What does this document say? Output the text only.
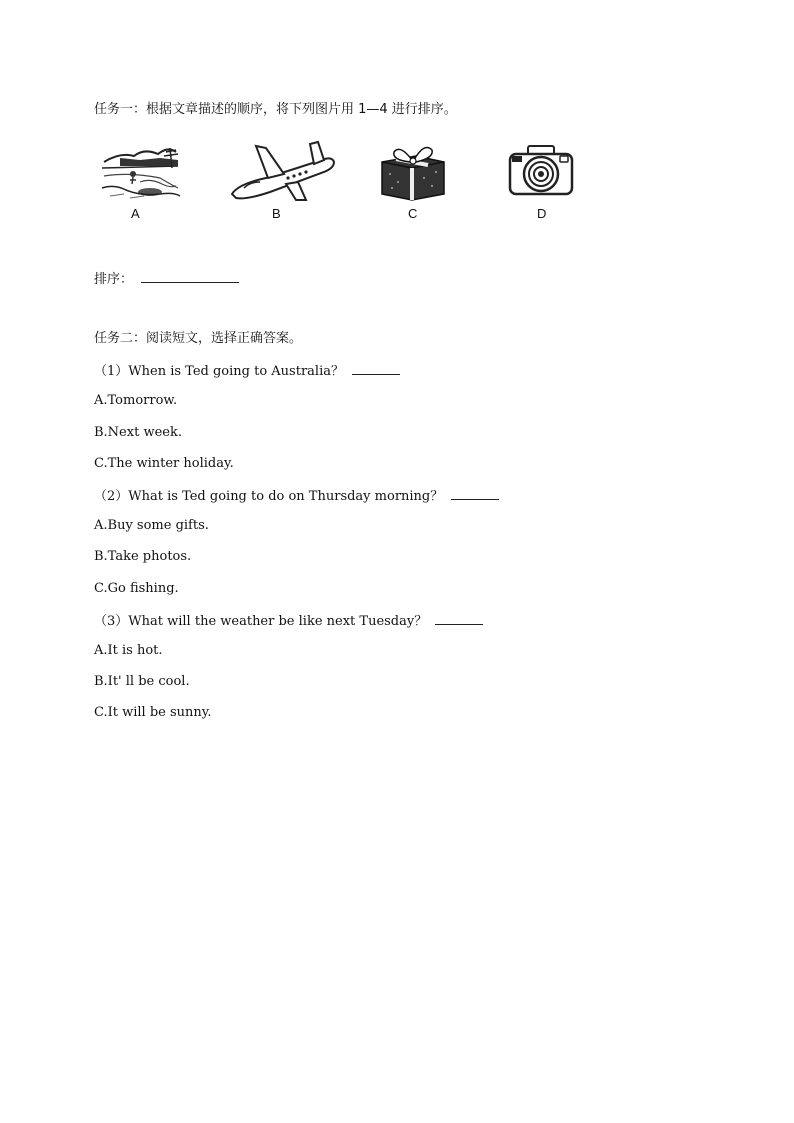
任务一：根据文章描述的顺序，将下列图片用 1—4 进行排序。
A	B	C	D
排序：
任务二：阅读短文，选择正确答案。
（1）When is Ted going to Australia？
A.Tomorrow.
B.Next week.
C.The winter holiday.
（2）What is Ted going to do on Thursday morning？
A.Buy some gifts.
B.Take photos.
C.Go fishing.
（3）What will the weather be like next Tuesday？
A.It is hot.
B.It' ll be cool.
C.It will be sunny.
